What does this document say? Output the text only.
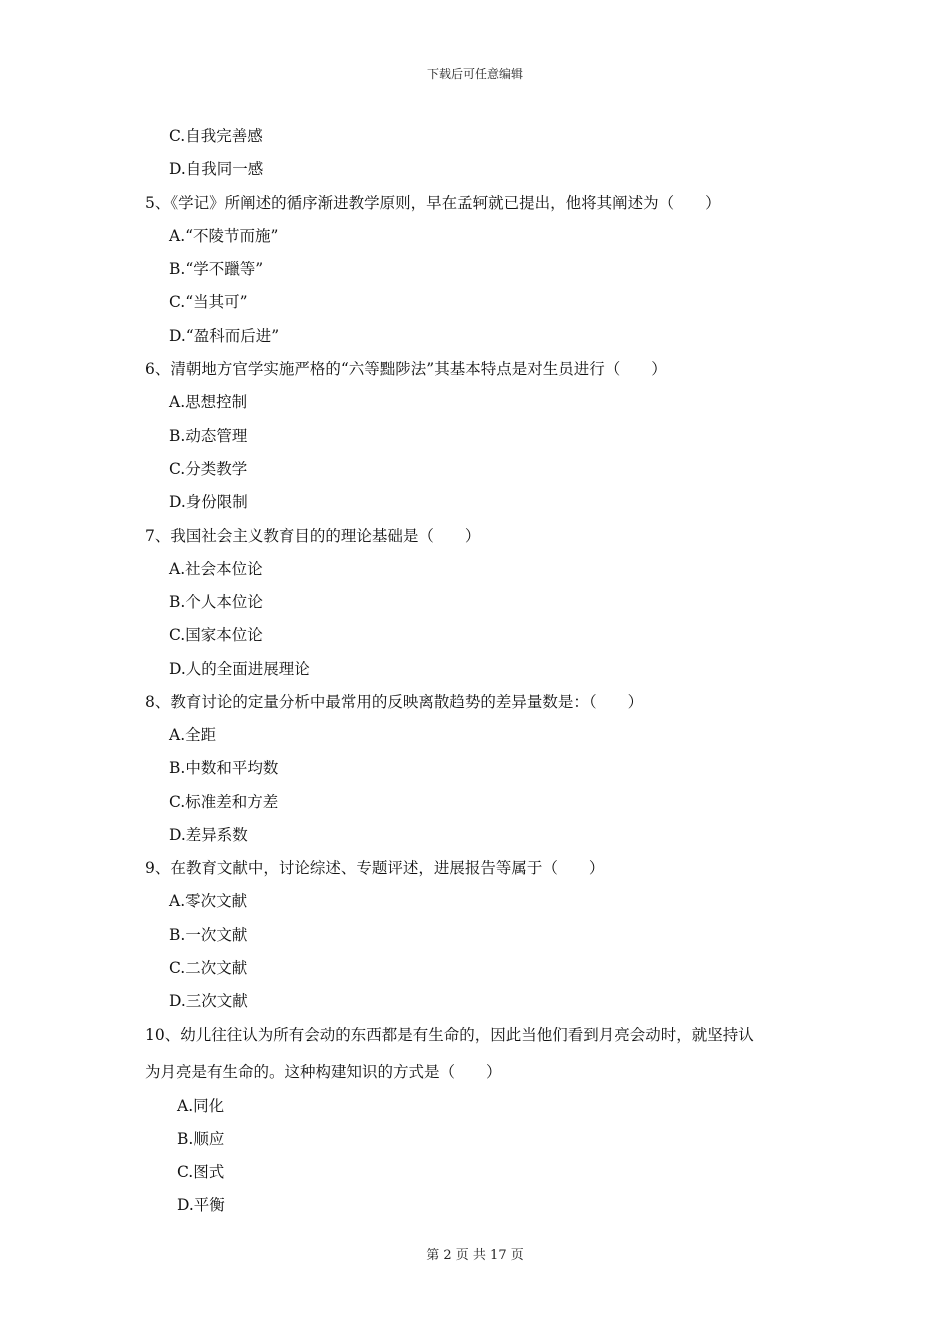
下载后可任意编辑
C.自我完善感
D.自我同一感
5、《学记》所阐述的循序渐进教学原则，早在孟轲就已提出，他将其阐述为（　　）
A.“不陵节而施”
B.“学不躐等”
C.“当其可”
D.“盈科而后进”
6、清朝地方官学实施严格的“六等黜陟法”其基本特点是对生员进行（　　）
A.思想控制
B.动态管理
C.分类教学
D.身份限制
7、我国社会主义教育目的的理论基础是（　　）
A.社会本位论
B.个人本位论
C.国家本位论
D.人的全面进展理论
8、教育讨论的定量分析中最常用的反映离散趋势的差异量数是：（　　）
A.全距
B.中数和平均数
C.标准差和方差
D.差异系数
9、在教育文献中，讨论综述、专题评述，进展报告等属于（　　）
A.零次文献
B.一次文献
C.二次文献
D.三次文献
10、幼儿往往认为所有会动的东西都是有生命的，因此当他们看到月亮会动时，就坚持认
为月亮是有生命的。这种构建知识的方式是（　　）
A.同化
B.顺应
C.图式
D.平衡
第 2 页 共 17 页
